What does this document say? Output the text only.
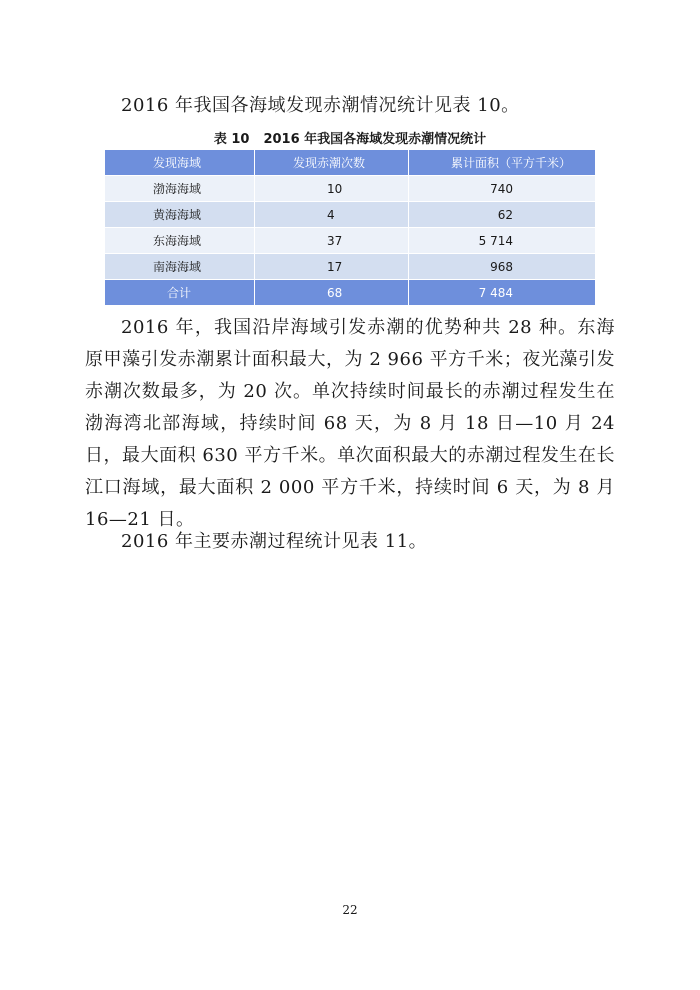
2016 年我国各海域发现赤潮情况统计见表 10。

表 10 2016 年我国各海域发现赤潮情况统计
发现海域	发现赤潮次数	累计面积（平方千米）
渤海海域	10	740
黄海海域	4	62
东海海域	37	5 714
南海海域	17	968
合计	68	7 484

2016 年，我国沿岸海域引发赤潮的优势种共 28 种。东海原甲藻引发赤潮累计面积最大，为 2 966 平方千米；夜光藻引发赤潮次数最多，为 20 次。单次持续时间最长的赤潮过程发生在渤海湾北部海域，持续时间 68 天，为 8 月 18 日—10 月 24 日，最大面积 630 平方千米。单次面积最大的赤潮过程发生在长江口海域，最大面积 2 000 平方千米，持续时间 6 天，为 8 月 16—21 日。

2016 年主要赤潮过程统计见表 11。

22
